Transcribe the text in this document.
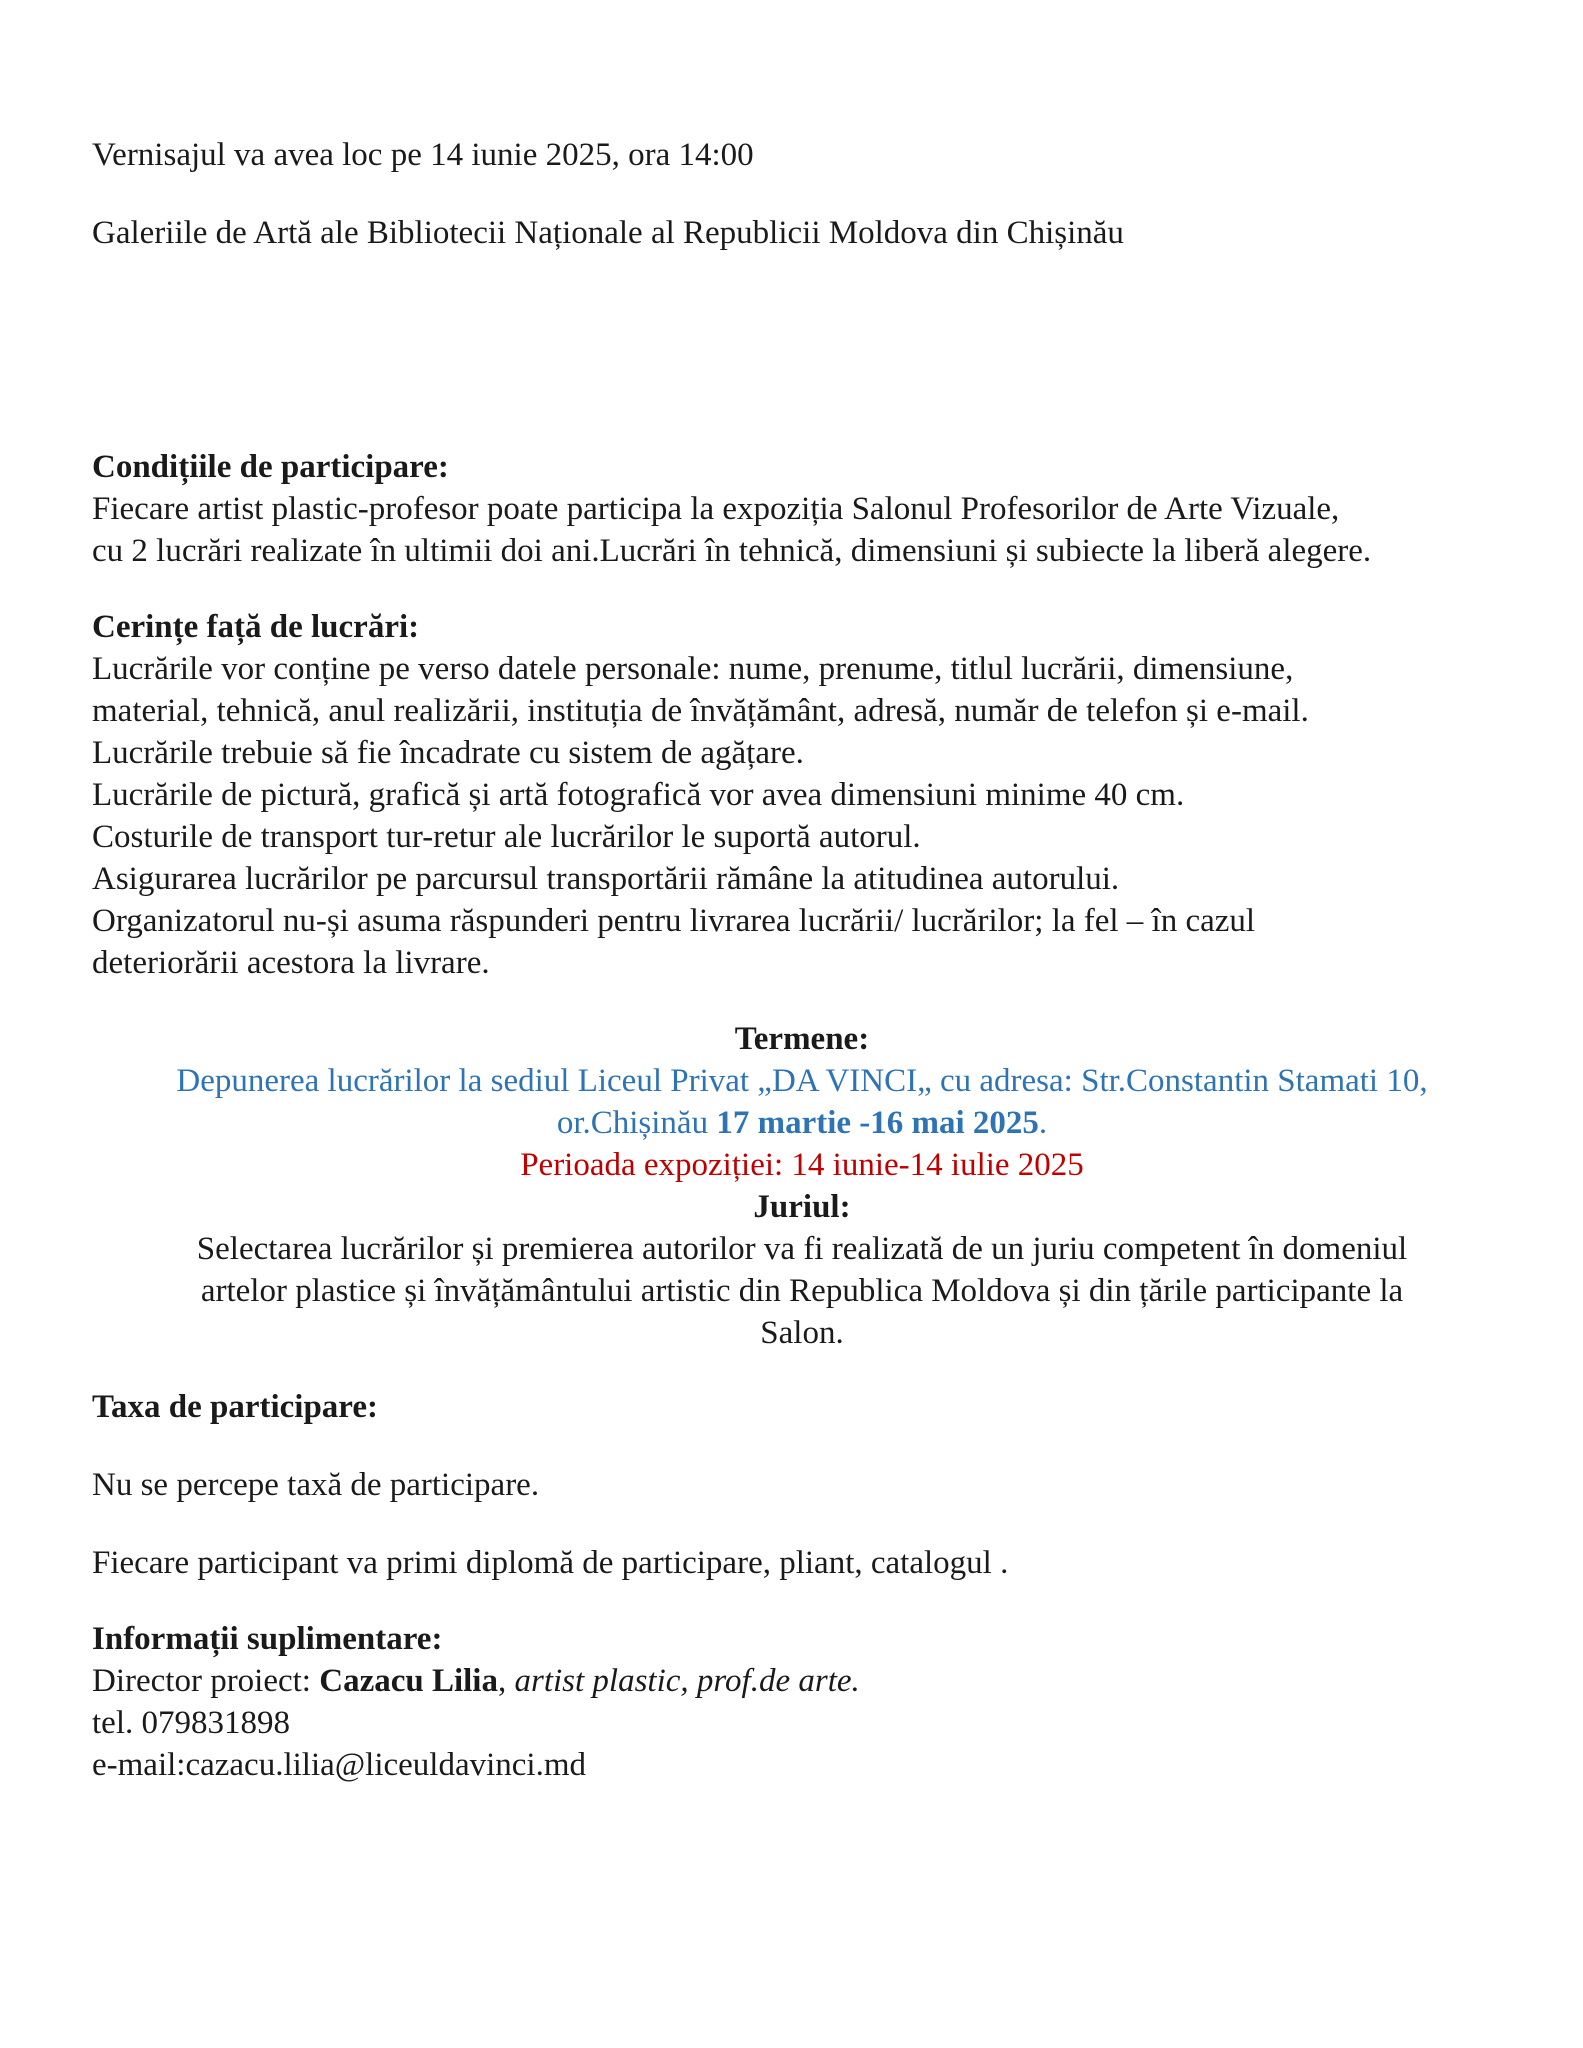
Vernisajul va avea loc pe 14 iunie 2025, ora 14:00
Galeriile de Artă ale Bibliotecii Naționale al Republicii Moldova din Chișinău
Condițiile de participare:
Fiecare artist plastic-profesor poate participa la expoziția Salonul Profesorilor de Arte Vizuale,
cu 2 lucrări realizate în ultimii doi ani.Lucrări în tehnică, dimensiuni și subiecte la liberă alegere.
Cerințe față de lucrări:
Lucrările vor conține pe verso datele personale: nume, prenume, titlul lucrării, dimensiune,
material, tehnică, anul realizării, instituția de învățământ, adresă, număr de telefon și e-mail.
Lucrările trebuie să fie încadrate cu sistem de agățare.
Lucrările de pictură, grafică și artă fotografică vor avea dimensiuni minime 40 cm.
Costurile de transport tur-retur ale lucrărilor le suportă autorul.
Asigurarea lucrărilor pe parcursul transportării rămâne la atitudinea autorului.
Organizatorul nu-și asuma răspunderi pentru livrarea lucrării/ lucrărilor; la fel – în cazul
deteriorării acestora la livrare.
Termene:
Depunerea lucrărilor la sediul Liceul Privat „DA VINCI„ cu adresa: Str.Constantin Stamati 10,
or.Chișinău 17 martie -16 mai 2025.
Perioada expoziției: 14 iunie-14 iulie 2025
Juriul:
Selectarea lucrărilor și premierea autorilor va fi realizată de un juriu competent în domeniul
artelor plastice și învățământului artistic din Republica Moldova și din țările participante la
Salon.
Taxa de participare:
Nu se percepe taxă de participare.
Fiecare participant va primi diplomă de participare, pliant, catalogul .
Informații suplimentare:
Director proiect: Cazacu Lilia, artist plastic, prof.de arte.
tel. 079831898
e-mail:cazacu.lilia@liceuldavinci.md
